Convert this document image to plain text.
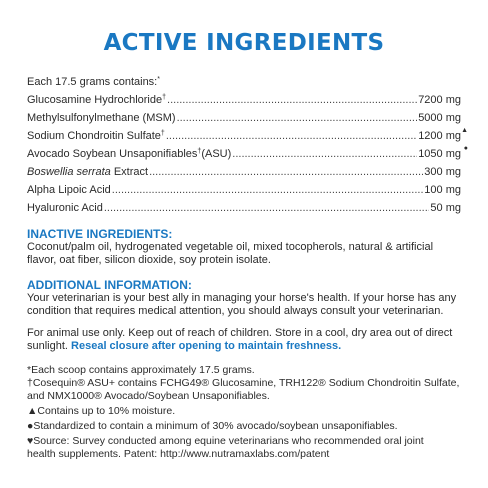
ACTIVE INGREDIENTS
Each 17.5 grams contains:*
Glucosamine Hydrochloride† .....	7200 mg
Methylsulfonylmethane (MSM) .....	5000 mg
Sodium Chondroitin Sulfate† .....	1200 mg ▲
Avocado Soybean Unsaponifiables†(ASU) .....	1050 mg ●
Boswellia serrata Extract .....	300 mg
Alpha Lipoic Acid .....	100 mg
Hyaluronic Acid .....	50 mg
INACTIVE INGREDIENTS:
Coconut/palm oil, hydrogenated vegetable oil, mixed tocopherols, natural & artificial
flavor, oat fiber, silicon dioxide, soy protein isolate.
ADDITIONAL INFORMATION:
Your veterinarian is your best ally in managing your horse's health. If your horse has any
condition that requires medical attention, you should always consult your veterinarian.
For animal use only. Keep out of reach of children. Store in a cool, dry area out of direct
sunlight. Reseal closure after opening to maintain freshness.
*Each scoop contains approximately 17.5 grams.
†Cosequin® ASU+ contains FCHG49® Glucosamine, TRH122® Sodium Chondroitin Sulfate,
and NMX1000® Avocado/Soybean Unsaponifiables.
▲Contains up to 10% moisture.
●Standardized to contain a minimum of 30% avocado/soybean unsaponifiables.
♥Source: Survey conducted among equine veterinarians who recommended oral joint
health supplements. Patent: http://www.nutramaxlabs.com/patent
